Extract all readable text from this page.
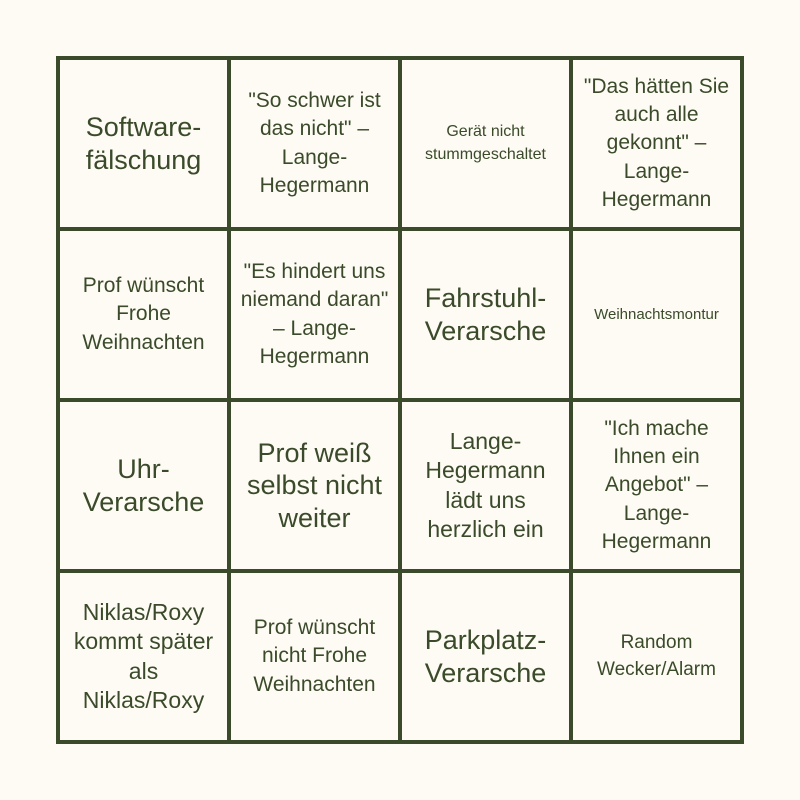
Software-fälschung
"So schwer ist das nicht" – Lange-Hegermann
Gerät nicht stummgeschaltet
"Das hätten Sie auch alle gekonnt" – Lange-Hegermann
Prof wünscht Frohe Weihnachten
"Es hindert uns niemand daran" – Lange-Hegermann
Fahrstuhl-Verarsche
Weihnachtsmontur
Uhr-Verarsche
Prof weiß selbst nicht weiter
Lange-Hegermann lädt uns herzlich ein
"Ich mache Ihnen ein Angebot" – Lange-Hegermann
Niklas/Roxy kommt später als Niklas/Roxy
Prof wünscht nicht Frohe Weihnachten
Parkplatz-Verarsche
Random Wecker/Alarm
